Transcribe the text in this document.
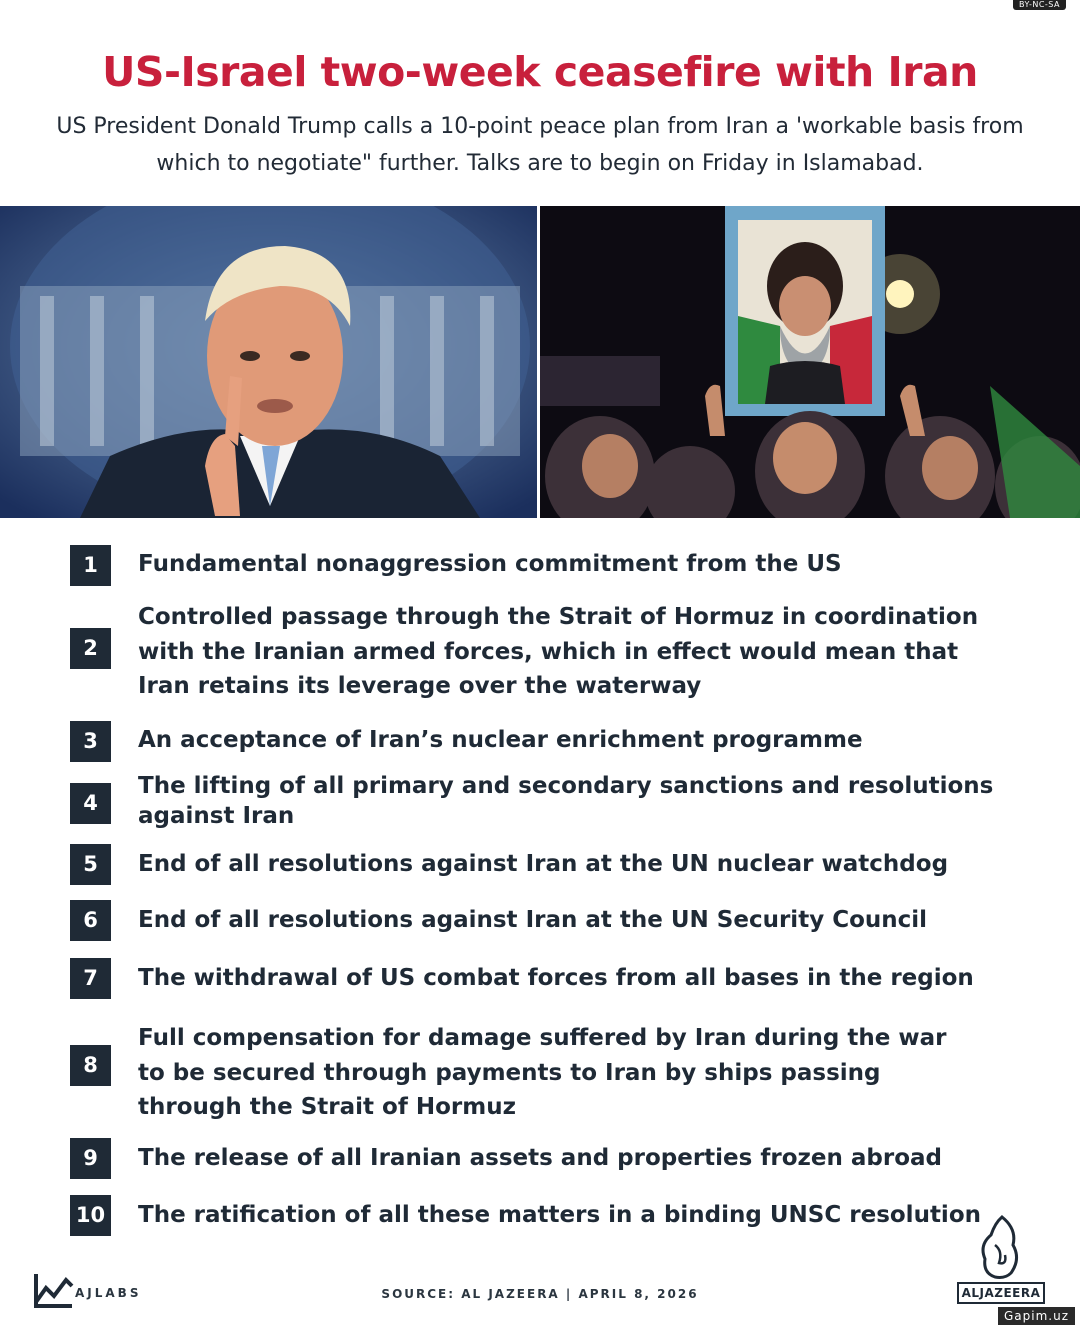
BY-NC-SA
US-Israel two-week ceasefire with Iran
US President Donald Trump calls a 10-point peace plan from Iran a 'workable basis from which to negotiate" further. Talks are to begin on Friday in Islamabad.
1	Fundamental nonaggression commitment from the US
2
Controlled passage through the Strait of Hormuz in coordination with the Iranian armed forces, which in effect would mean that Iran retains its leverage over the waterway
3	An acceptance of Iran’s nuclear enrichment programme
4
The lifting of all primary and secondary sanctions and resolutions against Iran
5	End of all resolutions against Iran at the UN nuclear watchdog
6	End of all resolutions against Iran at the UN Security Council
7	The withdrawal of US combat forces from all bases in the region
8
Full compensation for damage suffered by Iran during the war to be secured through payments to Iran by ships passing through the Strait of Hormuz
9	The release of all Iranian assets and properties frozen abroad
10 The ratification of all these matters in a binding UNSC resolution
AJLABS	SOURCE: AL JAZEERA | APRIL 8, 2026	ALJAZEERA
Gapim.uz
